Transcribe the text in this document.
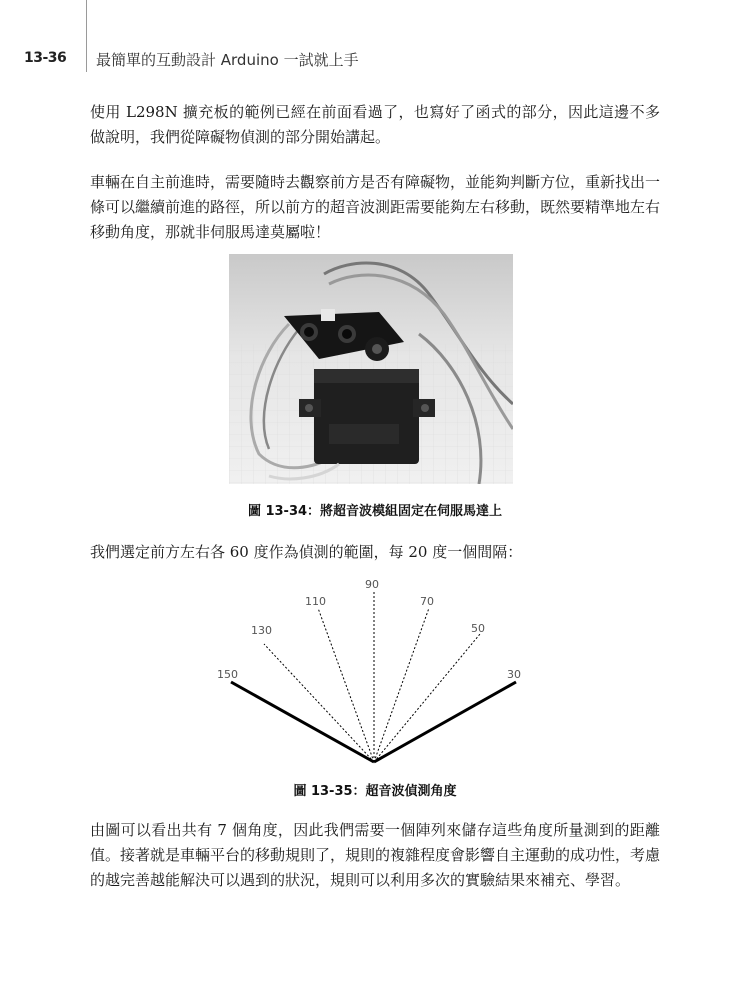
13-36 最簡單的互動設計 Arduino 一試就上手

使用 L298N 擴充板的範例已經在前面看過了，也寫好了函式的部分，因此這邊不多做說明，我們從障礙物偵測的部分開始講起。

車輛在自主前進時，需要隨時去觀察前方是否有障礙物，並能夠判斷方位，重新找出一條可以繼續前進的路徑，所以前方的超音波測距需要能夠左右移動，既然要精準地左右移動角度，那就非伺服馬達莫屬啦！

圖 13-34：將超音波模組固定在伺服馬達上

我們選定前方左右各 60 度作為偵測的範圍，每 20 度一個間隔：

150
130
110
90
70
50
30
圖 13-35：超音波偵測角度

由圖可以看出共有 7 個角度，因此我們需要一個陣列來儲存這些角度所量測到的距離值。接著就是車輛平台的移動規則了，規則的複雜程度會影響自主運動的成功性，考慮的越完善越能解決可以遇到的狀況，規則可以利用多次的實驗結果來補充、學習。
